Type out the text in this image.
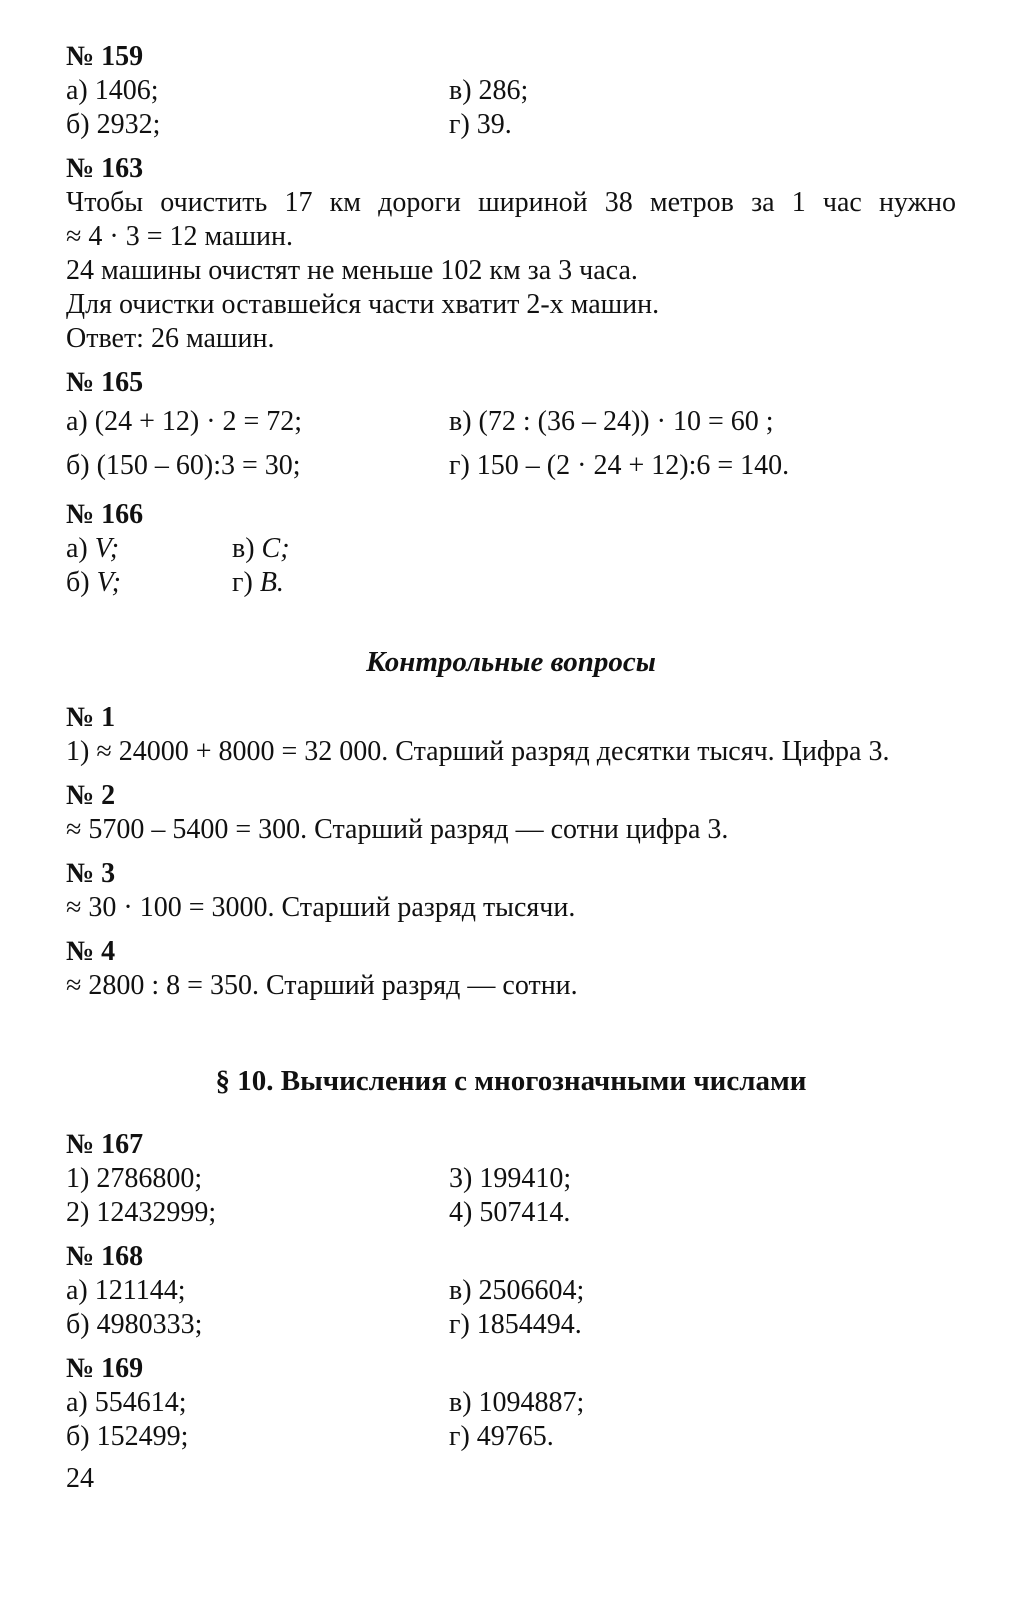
№ 159
а) 1406;	в) 286;
б) 2932;	г) 39.
№ 163
Чтобы очистить 17 км дороги шириной 38 метров за 1 час нужно
≈ 4 · 3 = 12 машин.
24 машины очистят не меньше 102 км за 3 часа.
Для очистки оставшейся части хватит 2-х машин.
Ответ: 26 машин.
№ 165
а) (24 + 12) · 2 = 72;	в) (72 : (36 – 24)) · 10 = 60 ;
б) (150 – 60):3 = 30;	г) 150 – (2 · 24 + 12):6 = 140.
№ 166
а) V;	в) C;
б) V;	г) B.
Контрольные вопросы
№ 1
1) ≈ 24000 + 8000 = 32 000. Старший разряд десятки тысяч. Цифра 3.
№ 2
≈ 5700 – 5400 = 300. Старший разряд — сотни цифра 3.
№ 3
≈ 30 · 100 = 3000. Старший разряд тысячи.
№ 4
≈ 2800 : 8 = 350. Старший разряд — сотни.
§ 10. Вычисления с многозначными числами
№ 167
1) 2786800;	3) 199410;
2) 12432999;	4) 507414.
№ 168
а) 121144;	в) 2506604;
б) 4980333;	г) 1854494.
№ 169
а) 554614;	в) 1094887;
б) 152499;	г) 49765.
24
